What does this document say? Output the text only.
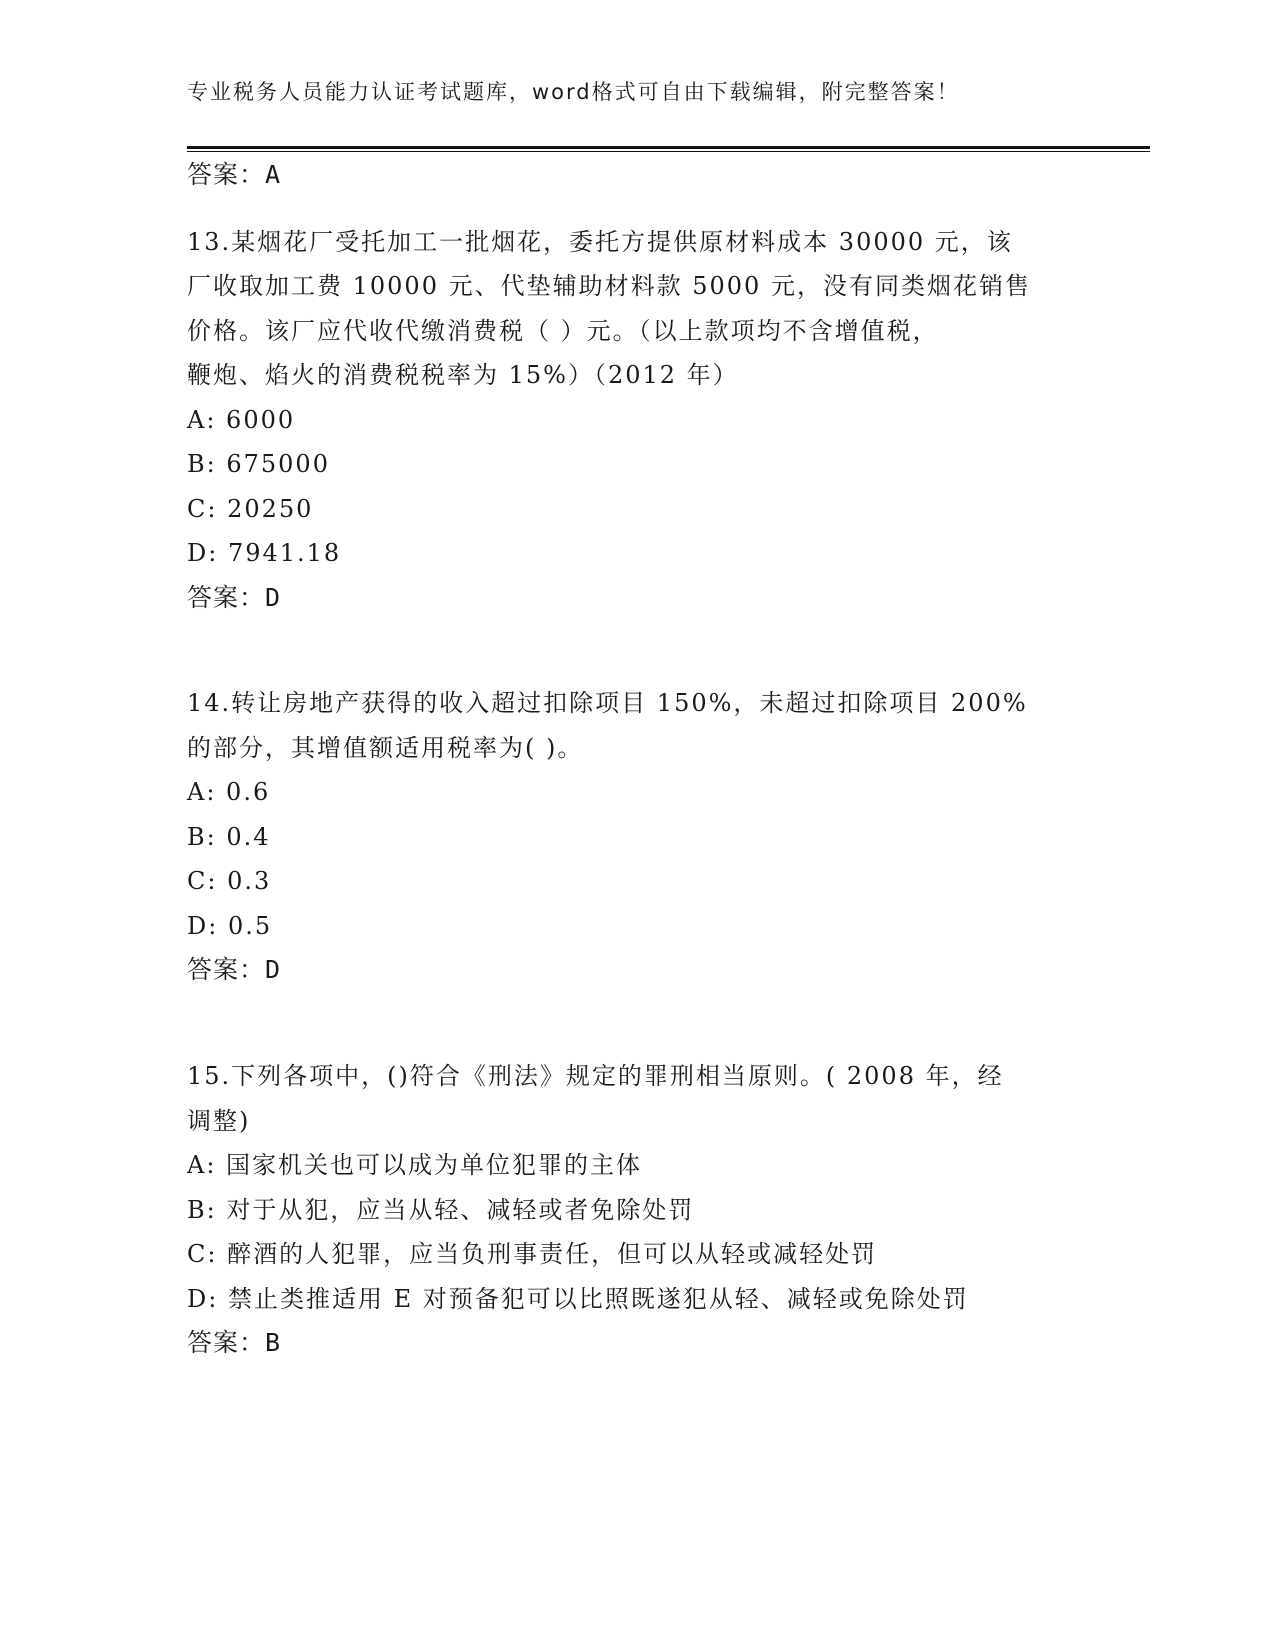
专业税务人员能力认证考试题库，word格式可自由下载编辑，附完整答案！
答案：A
13.某烟花厂受托加工一批烟花，委托方提供原材料成本 30000 元，该
厂收取加工费 10000 元、代垫辅助材料款 5000 元，没有同类烟花销售
价格。该厂应代收代缴消费税（ ）元。（以上款项均不含增值税，
鞭炮、焰火的消费税税率为 15%）（2012 年）
A: 6000
B: 675000
C: 20250
D: 7941.18
答案：D
14.转让房地产获得的收入超过扣除项目 150%，未超过扣除项目 200%
的部分，其增值额适用税率为( )。
A: 0.6
B: 0.4
C: 0.3
D: 0.5
答案：D
15.下列各项中，()符合《刑法》规定的罪刑相当原则。( 2008 年，经
调整)
A: 国家机关也可以成为单位犯罪的主体
B: 对于从犯，应当从轻、减轻或者免除处罚
C: 醉酒的人犯罪，应当负刑事责任，但可以从轻或减轻处罚
D: 禁止类推适用 E 对预备犯可以比照既遂犯从轻、减轻或免除处罚
答案：B
